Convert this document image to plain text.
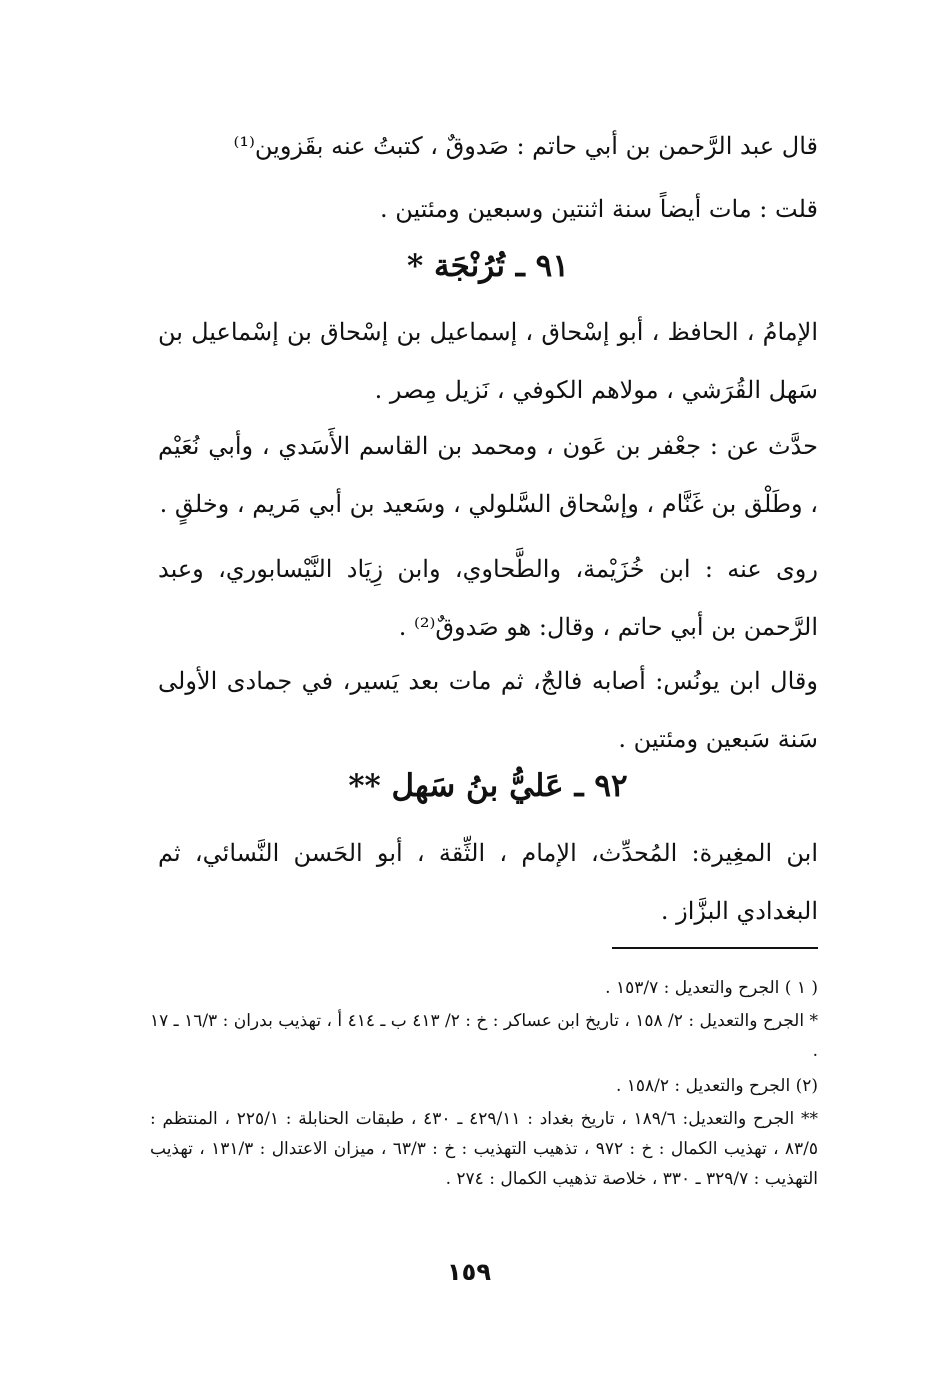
قال عبد الرَّحمن بن أبي حاتم : صَدوقٌ ، كتبتُ عنه بقَزوين⁽¹⁾

قلت : مات أيضاً سنة اثنتين وسبعين ومئتين .

٩١ ـ تُرُنْجَة *

الإمامُ ، الحافظ ، أبو إسْحاق ، إسماعيل بن إسْحاق بن إسْماعيل بن سَهل القُرَشي ، مولاهم الكوفي ، نَزيل مِصر .

حدَّث عن : جعْفر بن عَون ، ومحمد بن القاسم الأَسَدي ، وأبي نُعَيْم ، وطَلْق بن غَنَّام ، وإسْحاق السَّلولي ، وسَعيد بن أبي مَريم ، وخلقٍ .

روى عنه : ابن خُزَيْمة، والطَّحاوي، وابن زِيَاد النَّيْسابوري، وعبد الرَّحمن بن أبي حاتم ، وقال: هو صَدوقٌ⁽²⁾ .

وقال ابن يونُس: أصابه فالجٌ، ثم مات بعد يَسير، في جمادى الأولى سَنة سَبعين ومئتين .

٩٢ ـ عَليُّ بنُ سَهل **

ابن المغِيرة: المُحدِّث، الإمام ، الثِّقة ، أبو الحَسن النَّسائي، ثم البغدادي البزَّاز .

( ١ ) الجرح والتعديل : ١٥٣/٧ .

* الجرح والتعديل : ٢/ ١٥٨ ، تاريخ ابن عساكر : خ : ٢/ ٤١٣ ب ـ ٤١٤ أ ، تهذيب بدران : ١٦/٣ ـ ١٧ .

(٢) الجرح والتعديل : ١٥٨/٢ .

** الجرح والتعديل: ١٨٩/٦ ، تاريخ بغداد : ٤٢٩/١١ ـ ٤٣٠ ، طبقات الحنابلة : ٢٢٥/١ ، المنتظم : ٨٣/٥ ، تهذيب الكمال : خ : ٩٧٢ ، تذهيب التهذيب : خ : ٦٣/٣ ، ميزان الاعتدال : ١٣١/٣ ، تهذيب التهذيب : ٣٢٩/٧ ـ ٣٣٠ ، خلاصة تذهيب الكمال : ٢٧٤ .

١٥٩
